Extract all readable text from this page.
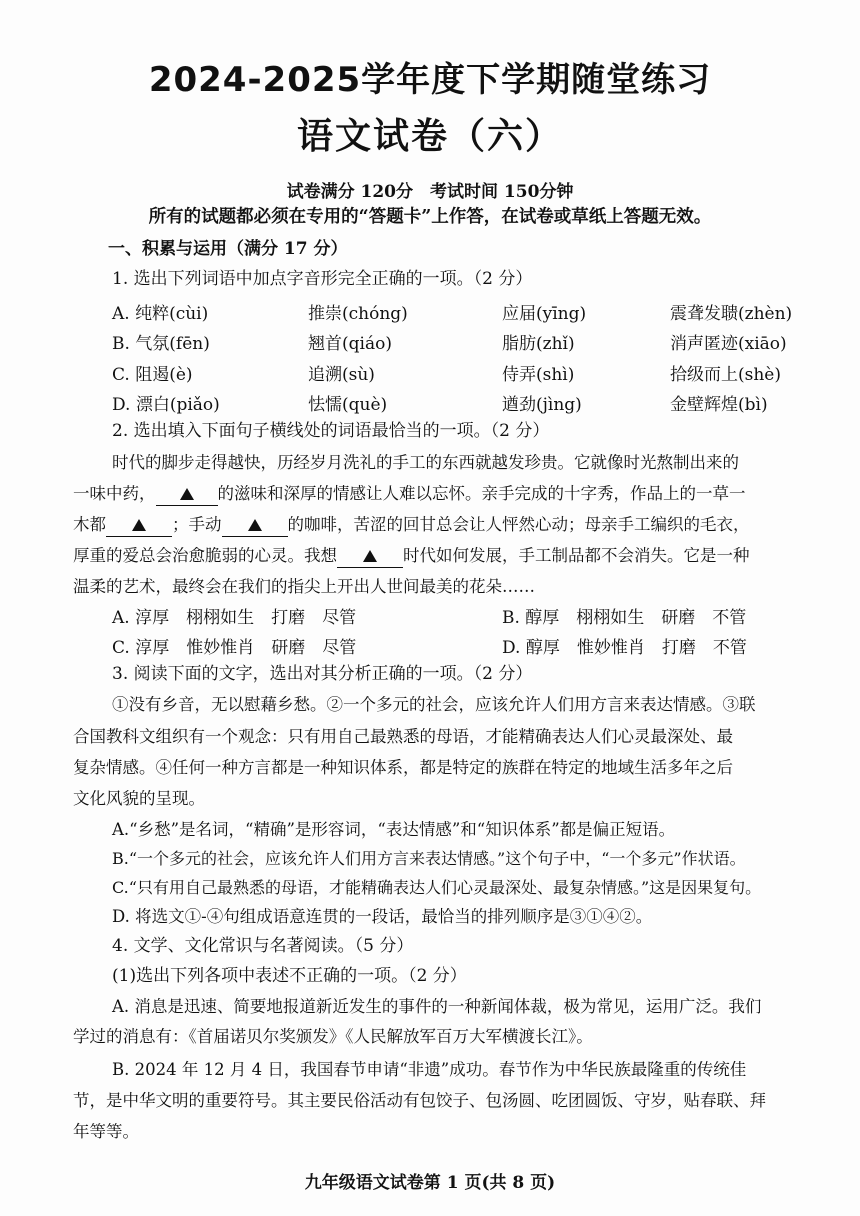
2024-2025学年度下学期随堂练习
语文试卷（六）
试卷满分 120分　考试时间 150分钟
所有的试题都必须在专用的“答题卡”上作答，在试卷或草纸上答题无效。
一、积累与运用（满分 17 分）
1. 选出下列词语中加点字音形完全正确的一项。（2 分）
A. 纯粹(cùi)	推崇(chóng)	应届(yīng)	震聋发聩(zhèn)
B. 气氛(fēn)	翘首(qiáo)	脂肪(zhǐ)	消声匿迹(xiāo)
C. 阻遏(è)	追溯(sù)	侍弄(shì)	拾级而上(shè)
D. 漂白(piǎo)	怯懦(què)	遒劲(jìng)	金壁辉煌(bì)
2. 选出填入下面句子横线处的词语最恰当的一项。（2 分）
时代的脚步走得越快，历经岁月洗礼的手工的东西就越发珍贵。它就像时光熬制出来的
一味中药，	的滋味和深厚的情感让人难以忘怀。亲手完成的十字秀，作品上的一草一
木都	；手动	的咖啡，苦涩的回甘总会让人怦然心动；母亲手工编织的毛衣，
厚重的爱总会治愈脆弱的心灵。我想	时代如何发展，手工制品都不会消失。它是一种
温柔的艺术，最终会在我们的指尖上开出人世间最美的花朵……
A. 淳厚　栩栩如生　打磨　尽管	B. 醇厚　栩栩如生　研磨　不管
C. 淳厚　惟妙惟肖　研磨　尽管	D. 醇厚　惟妙惟肖　打磨　不管
3. 阅读下面的文字，选出对其分析正确的一项。（2 分）
①没有乡音，无以慰藉乡愁。②一个多元的社会，应该允许人们用方言来表达情感。③联
合国教科文组织有一个观念：只有用自己最熟悉的母语，才能精确表达人们心灵最深处、最
复杂情感。④任何一种方言都是一种知识体系，都是特定的族群在特定的地域生活多年之后
文化风貌的呈现。
A.“乡愁”是名词，“精确”是形容词，“表达情感”和“知识体系”都是偏正短语。
B.“一个多元的社会，应该允许人们用方言来表达情感。”这个句子中，“一个多元”作状语。
C.“只有用自己最熟悉的母语，才能精确表达人们心灵最深处、最复杂情感。”这是因果复句。
D. 将选文①-④句组成语意连贯的一段话，最恰当的排列顺序是③①④②。
4. 文学、文化常识与名著阅读。（5 分）
(1)选出下列各项中表述不正确的一项。（2 分）
A. 消息是迅速、简要地报道新近发生的事件的一种新闻体裁，极为常见，运用广泛。我们
学过的消息有：《首届诺贝尔奖颁发》《人民解放军百万大军横渡长江》。
B. 2024 年 12 月 4 日，我国春节申请“非遗”成功。春节作为中华民族最隆重的传统佳
节，是中华文明的重要符号。其主要民俗活动有包饺子、包汤圆、吃团圆饭、守岁，贴春联、拜
年等等。
九年级语文试卷第 1 页(共 8 页)
